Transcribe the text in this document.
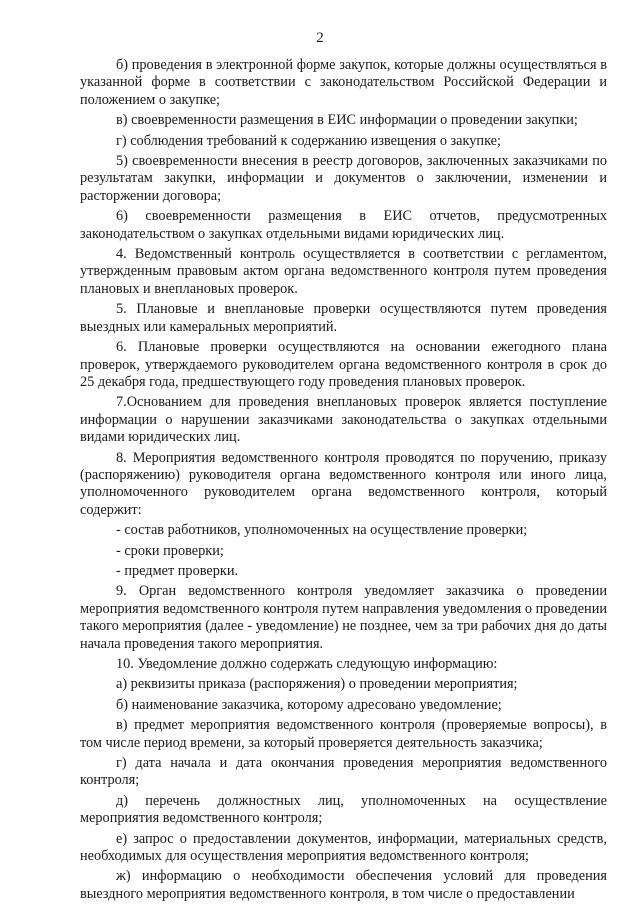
2

б) проведения в электронной форме закупок, которые должны осуществляться в указанной форме в соответствии с законодательством Российской Федерации и положением о закупке;

в) своевременности размещения в ЕИС информации о проведении закупки;

г) соблюдения требований к содержанию извещения о закупке;

5) своевременности внесения в реестр договоров, заключенных заказчиками по результатам закупки, информации и документов о заключении, изменении и расторжении договора;

6) своевременности размещения в ЕИС отчетов, предусмотренных законодательством о закупках отдельными видами юридических лиц.

4. Ведомственный контроль осуществляется в соответствии с регламентом, утвержденным правовым актом органа ведомственного контроля путем проведения плановых и внеплановых проверок.

5. Плановые и внеплановые проверки осуществляются путем проведения выездных или камеральных мероприятий.

6. Плановые проверки осуществляются на основании ежегодного плана проверок, утверждаемого руководителем органа ведомственного контроля в срок до 25 декабря года, предшествующего году проведения плановых проверок.

7.Основанием для проведения внеплановых проверок является поступление информации о нарушении заказчиками законодательства о закупках отдельными видами юридических лиц.

8. Мероприятия ведомственного контроля проводятся по поручению, приказу (распоряжению) руководителя органа ведомственного контроля или иного лица, уполномоченного руководителем органа ведомственного контроля, который содержит:

- состав работников, уполномоченных на осуществление проверки;

- сроки проверки;

- предмет проверки.

9. Орган ведомственного контроля уведомляет заказчика о проведении мероприятия ведомственного контроля путем направления уведомления о проведении такого мероприятия (далее - уведомление) не позднее, чем за три рабочих дня до даты начала проведения такого мероприятия.

10. Уведомление должно содержать следующую информацию:

а) реквизиты приказа (распоряжения) о проведении мероприятия;

б) наименование заказчика, которому адресовано уведомление;

в) предмет мероприятия ведомственного контроля (проверяемые вопросы), в том числе период времени, за который проверяется деятельность заказчика;

г) дата начала и дата окончания проведения мероприятия ведомственного контроля;

д) перечень должностных лиц, уполномоченных на осуществление мероприятия ведомственного контроля;

е) запрос о предоставлении документов, информации, материальных средств, необходимых для осуществления мероприятия ведомственного контроля;

ж) информацию о необходимости обеспечения условий для проведения выездного мероприятия ведомственного контроля, в том числе о предоставлении
